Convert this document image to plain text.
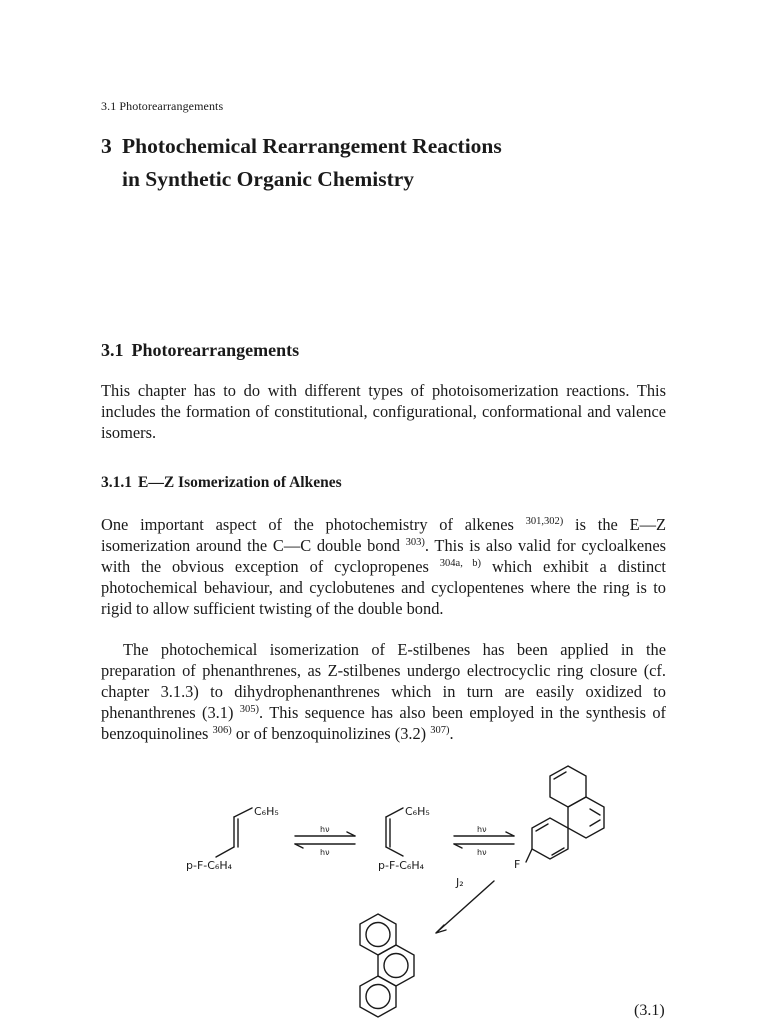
3.1 Photorearrangements
3 Photochemical Rearrangement Reactions
in Synthetic Organic Chemistry
3.1 Photorearrangements

This chapter has to do with different types of photoisomerization reactions. This includes the formation of constitutional, configurational, conformational and valence isomers.

3.1.1 E—Z Isomerization of Alkenes

One important aspect of the photochemistry of alkenes $^{301,302)}$ is the E—Z isomerization around the C—C double bond $^{303)}$. This is also valid for cycloalkenes with the obvious exception of cyclopropenes $^{304a, b)}$ which exhibit a distinct photochemical behaviour, and cyclobutenes and cyclopentenes where the ring is to rigid to allow sufficient twisting of the double bond.

The photochemical isomerization of E-stilbenes has been applied in the preparation of phenanthrenes, as Z-stilbenes undergo electrocyclic ring closure (cf. chapter 3.1.3) to dihydrophenanthrenes which in turn are easily oxidized to phenanthrenes (3.1) $^{305)}$. This sequence has also been employed in the synthesis of benzoquinolines $^{306)}$ or of benzoquinolizines (3.2) $^{307)}$.

C₆H₅
p-F-C₆H₄
hν
hν
C₆H₅
p-F-C₆H₄
hν
hν
F
J₂
(3.1)
